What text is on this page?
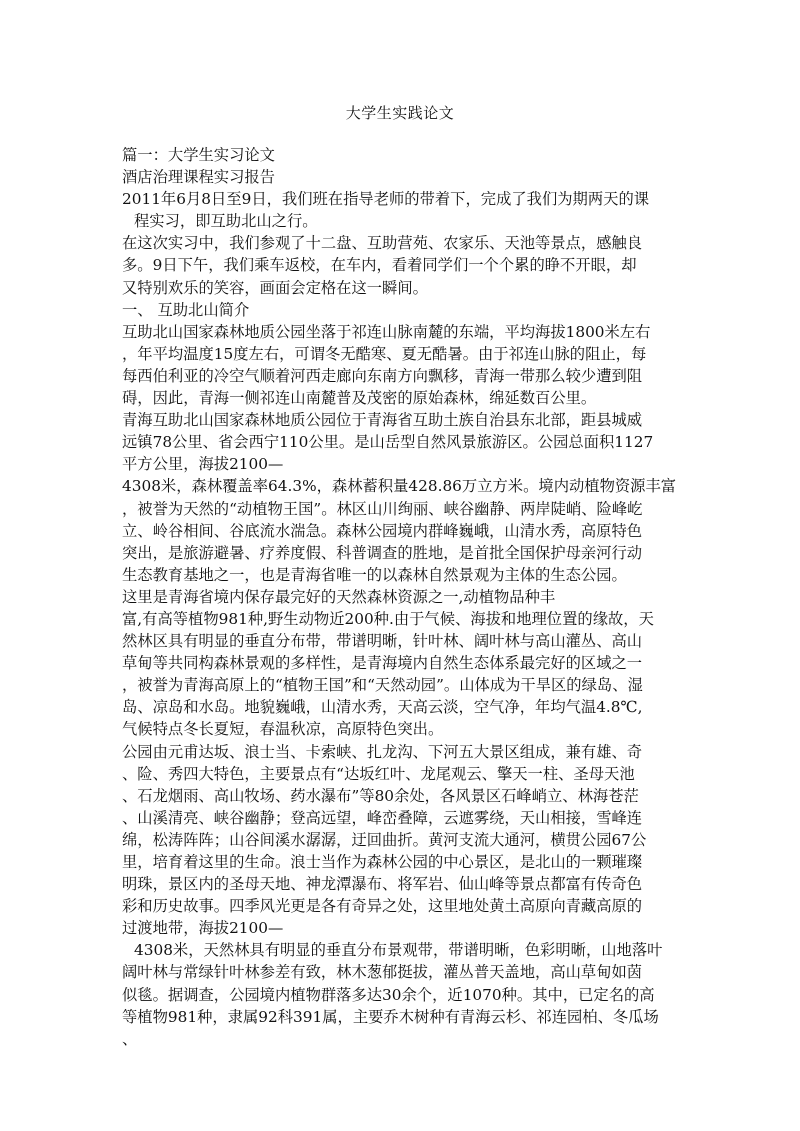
大学生实践论文

篇一：大学生实习论文

酒店治理课程实习报告

2011年6月8日至9日，我们班在指导老师的带着下，完成了我们为期两天的课

程实习，即互助北山之行。

在这次实习中，我们参观了十二盘、互助营苑、农家乐、天池等景点，感触良

多。9日下午，我们乘车返校，在车内，看着同学们一个个累的睁不开眼，却

又特别欢乐的笑容，画面会定格在这一瞬间。

一、 互助北山简介

互助北山国家森林地质公园坐落于祁连山脉南麓的东端，平均海拔1800米左右

，年平均温度15度左右，可谓冬无酷寒、夏无酷暑。由于祁连山脉的阻止，每

每西伯利亚的冷空气顺着河西走廊向东南方向飘移，青海一带那么较少遭到阻

碍，因此，青海一侧祁连山南麓普及茂密的原始森林，绵延数百公里。

青海互助北山国家森林地质公园位于青海省互助土族自治县东北部，距县城威

远镇78公里、省会西宁110公里。是山岳型自然风景旅游区。公园总面积1127

平方公里，海拔2100—

4308米，森林覆盖率64.3%，森林蓄积量428.86万立方米。境内动植物资源丰富

，被誉为天然的“动植物王国”。林区山川绚丽、峡谷幽静、两岸陡峭、险峰屹

立、岭谷相间、谷底流水湍急。森林公园境内群峰巍峨，山清水秀，高原特色

突出，是旅游避暑、疗养度假、科普调查的胜地，是首批全国保护母亲河行动

生态教育基地之一，也是青海省唯一的以森林自然景观为主体的生态公园。

这里是青海省境内保存最完好的天然森林资源之一,动植物品种丰

富,有高等植物981种,野生动物近200种.由于气候、海拔和地理位置的缘故，天

然林区具有明显的垂直分布带，带谱明晰，针叶林、阔叶林与高山灌丛、高山

草甸等共同构森林景观的多样性，是青海境内自然生态体系最完好的区域之一

，被誉为青海高原上的“植物王国”和“天然动园”。山体成为干旱区的绿岛、湿

岛、凉岛和水岛。地貌巍峨，山清水秀，天高云淡，空气净，年均气温4.8℃,

气候特点冬长夏短，春温秋凉，高原特色突出。

公园由元甫达坂、浪士当、卡索峡、扎龙沟、下河五大景区组成，兼有雄、奇

、险、秀四大特色，主要景点有“达坂红叶、龙尾观云、擎天一柱、圣母天池

、石龙烟雨、高山牧场、药水瀑布”等80余处，各风景区石峰峭立、林海苍茫

、山溪清亮、峡谷幽静；登高远望，峰峦叠障，云遮雾绕，天山相接，雪峰连

绵，松涛阵阵；山谷间溪水潺潺，迂回曲折。黄河支流大通河，横贯公园67公

里，培育着这里的生命。浪士当作为森林公园的中心景区，是北山的一颗璀璨

明珠，景区内的圣母天地、神龙潭瀑布、将军岩、仙山峰等景点都富有传奇色

彩和历史故事。四季风光更是各有奇异之处，这里地处黄土高原向青藏高原的

过渡地带，海拔2100—

4308米，天然林具有明显的垂直分布景观带，带谱明晰，色彩明晰，山地落叶

阔叶林与常绿针叶林参差有致，林木葱郁挺拔，灌丛普天盖地，高山草甸如茵

似毯。据调查，公园境内植物群落多达30余个，近1070种。其中，已定名的高

等植物981种，隶属92科391属，主要乔木树种有青海云杉、祁连园柏、冬瓜场

、
